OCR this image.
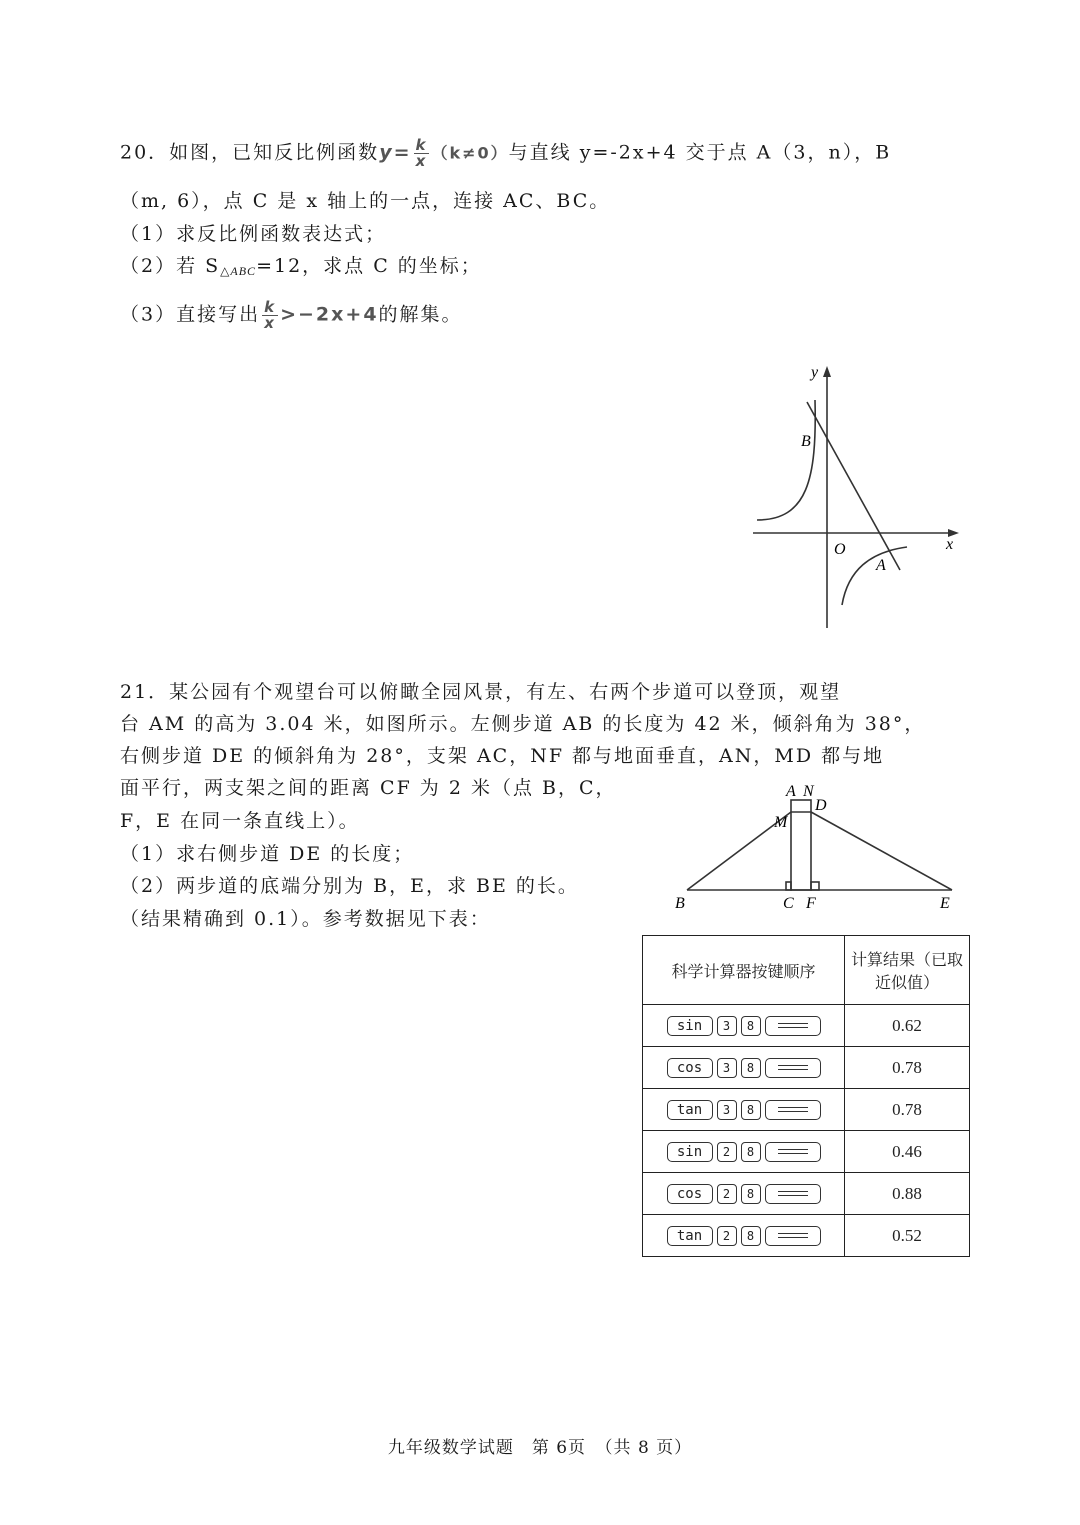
20．如图，已知反比例函数$y= \frac{k}{x} (k\ne 0)$与直线 y=-2x+4 交于点 A（3，n），B
（m, 6），点 C 是 x 轴上的一点，连接 AC、BC。
（1）求反比例函数表达式；
（2）若 $S_{\triangle ABC}=12$，求点 C 的坐标；
（3）直接写出 $\frac{k}{x} >-2x+4$的解集。
y
x
B
O
A
21．某公园有个观望台可以俯瞰全园风景，有左、右两个步道可以登顶，观望
台 AM 的高为 3.04 米，如图所示。左侧步道 AB 的长度为 42 米，倾斜角为 38°，
右侧步道 DE 的倾斜角为 28°，支架 AC，NF 都与地面垂直，AN，MD 都与地
面平行，两支架之间的距离 CF 为 2 米（点 B，C，
F，E 在同一条直线上）。
（1）求右侧步道 DE 的长度；
（2）两步道的底端分别为 B，E，求 BE 的长。
（结果精确到 0.1）。参考数据见下表：
A N
D
M
B	C F	E
科学计算器按键顺序	计算结果（已取近似值）

sin 3 8	0.62

cos 3 8	0.78

tan 3 8	0.78

sin 2 8	0.46

cos 2 8	0.88

tan 2 8	0.52
九年级数学试题　第 6页　（共 8 页）
